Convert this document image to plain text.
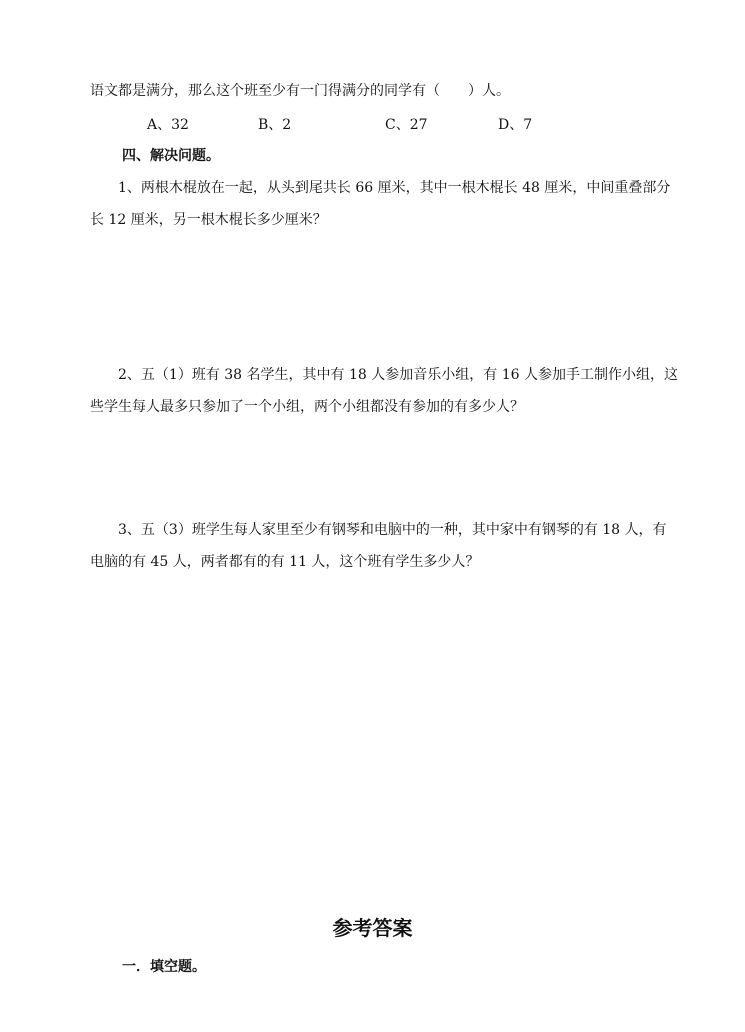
语文都是满分，那么这个班至少有一门得满分的同学有（　　）人。
A、32	B、2	C、27	D、7
四、解决问题。
1、两根木棍放在一起，从头到尾共长 66 厘米，其中一根木棍长 48 厘米，中间重叠部分
长 12 厘米，另一根木棍长多少厘米？
2、五（1）班有 38 名学生，其中有 18 人参加音乐小组，有 16 人参加手工制作小组，这
些学生每人最多只参加了一个小组，两个小组都没有参加的有多少人？
3、五（3）班学生每人家里至少有钢琴和电脑中的一种，其中家中有钢琴的有 18 人，有
电脑的有 45 人，两者都有的有 11 人，这个班有学生多少人？
参考答案
一．填空题。
